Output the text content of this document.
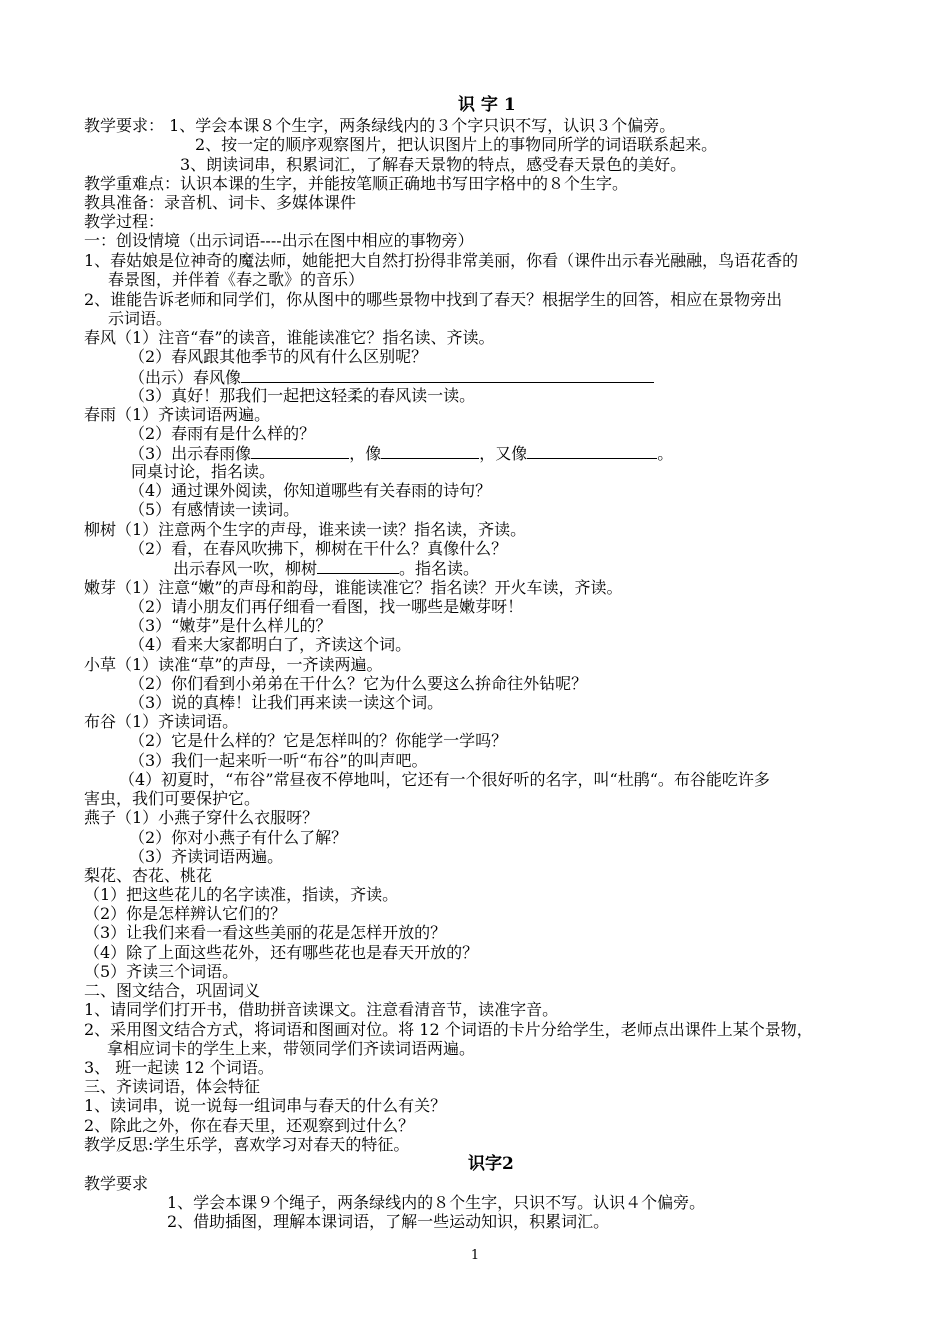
识 字 1
教学要求： 1、学会本课８个生字，两条绿线内的３个字只识不写，认识３个偏旁。
2、按一定的顺序观察图片，把认识图片上的事物同所学的词语联系起来。
3、朗读词串，积累词汇，了解春天景物的特点，感受春天景色的美好。
教学重难点：认识本课的生字，并能按笔顺正确地书写田字格中的８个生字。
教具准备：录音机、词卡、多媒体课件
教学过程：
一：创设情境（出示词语----出示在图中相应的事物旁）
1、春姑娘是位神奇的魔法师，她能把大自然打扮得非常美丽，你看（课件出示春光融融，鸟语花香的
春景图，并伴着《春之歌》的音乐）
2、谁能告诉老师和同学们，你从图中的哪些景物中找到了春天？根据学生的回答，相应在景物旁出
示词语。
春风（1）注音“春”的读音，谁能读准它？指名读、齐读。
（2）春风跟其他季节的风有什么区别呢？
（出示）春风像
（3）真好！那我们一起把这轻柔的春风读一读。
春雨（1）齐读词语两遍。
（2）春雨有是什么样的？
（3）出示春雨像	，像	，又像	。
同桌讨论，指名读。
（4）通过课外阅读，你知道哪些有关春雨的诗句？
（5）有感情读一读词。
柳树（1）注意两个生字的声母，谁来读一读？指名读，齐读。
（2）看，在春风吹拂下，柳树在干什么？真像什么？
出示春风一吹，柳树	。指名读。
嫩芽（1）注意“嫩”的声母和韵母，谁能读准它？指名读？开火车读，齐读。
（2）请小朋友们再仔细看一看图，找一哪些是嫩芽呀！
（3）“嫩芽”是什么样儿的？
（4）看来大家都明白了，齐读这个词。
小草（1）读准“草”的声母，一齐读两遍。
（2）你们看到小弟弟在干什么？它为什么要这么拚命往外钻呢？
（3）说的真棒！让我们再来读一读这个词。
布谷（1）齐读词语。
（2）它是什么样的？它是怎样叫的？你能学一学吗？
（3）我们一起来听一听“布谷”的叫声吧。
（4）初夏时，“布谷”常昼夜不停地叫，它还有一个很好听的名字，叫“杜鹃“。布谷能吃许多
害虫，我们可要保护它。
燕子（1）小燕子穿什么衣服呀？
（2）你对小燕子有什么了解？
（3）齐读词语两遍。
梨花、杏花、桃花
（1）把这些花儿的名字读准，指读，齐读。
（2）你是怎样辨认它们的？
（3）让我们来看一看这些美丽的花是怎样开放的？
（4）除了上面这些花外，还有哪些花也是春天开放的？
（5）齐读三个词语。
二、图文结合，巩固词义
1、请同学们打开书，借助拼音读课文。注意看清音节，读准字音。
2、采用图文结合方式，将词语和图画对位。将 12 个词语的卡片分给学生，老师点出课件上某个景物，
拿相应词卡的学生上来，带领同学们齐读词语两遍。
3、 班一起读 12 个词语。
三、齐读词语，体会特征
1、读词串，说一说每一组词串与春天的什么有关？
2、除此之外，你在春天里，还观察到过什么？
教学反思:学生乐学，喜欢学习对春天的特征。
识字2
教学要求
1、学会本课９个绳子，两条绿线内的８个生字，只识不写。认识４个偏旁。
2、借助插图，理解本课词语，了解一些运动知识，积累词汇。
1
